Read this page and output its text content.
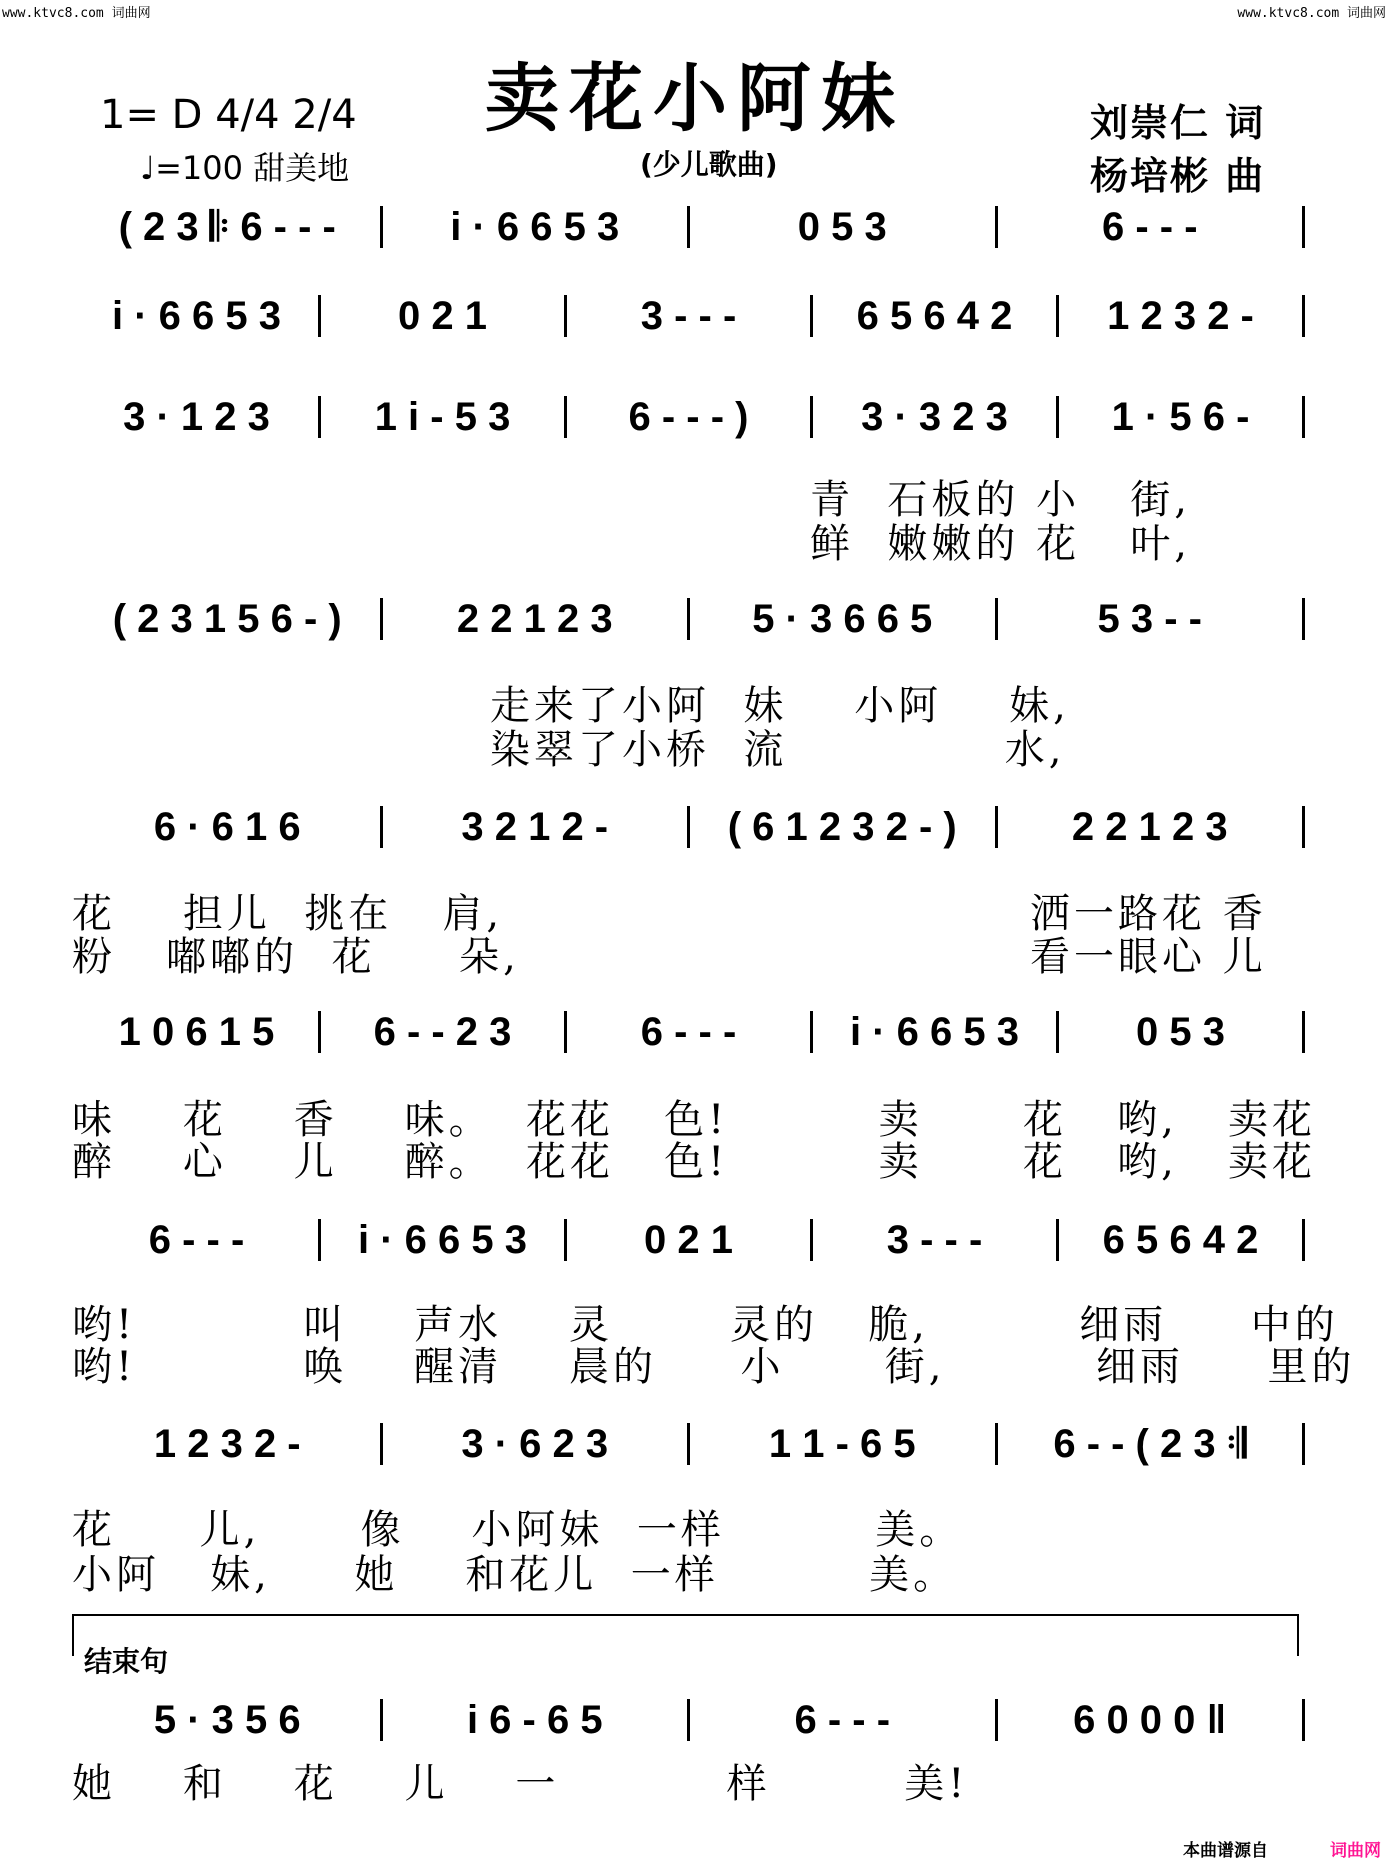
www.ktvc8.com 词曲网	www.ktvc8.com 词曲网
卖花小阿妹
1= D 4/4 2/4
♩=100 甜美地	(少儿歌曲)
刘崇仁 词
杨培彬 曲
( 2 3 𝄆 6 - - -	i · 6 6 5 3	0 5 3	6 - - -
i · 6 6 5 3	0 2 1	3 - - -	6 5 6 4 2	1 2 3 2 -
3 · 1 2 3	1 i - 5 3	6 - - - )	3 · 3 2 3	1 · 5 6 -
( 2 3 1 5 6 - )	2 2 1 2 3	5 · 3 6 6 5	5 3 - -
6 · 6 1 6	3 2 1 2 -	( 6 1 2 3 2 - )	2 2 1 2 3
1 0 6 1 5	6 - - 2 3	6 - - -	i · 6 6 5 3	0 5 3
6 - - -	i · 6 6 5 3	0 2 1	3 - - -	6 5 6 4 2
1 2 3 2 -	3 · 6 2 3	1 1 - 6 5	6 - - ( 2 3 𝄇
5 · 3 5 6	i 6 - 6 5	6 - - -	6 0 0 0 ‖
青  石板的 小   街,
鲜  嫩嫩的 花   叶,
走来了小阿  妹    小阿    妹,
染翠了小桥  流             水,
花    担儿  挑在   肩,
粉   嘟嘟的  花     朵,
洒一路花 香
看一眼心 儿
味    花    香    味。  花花   色!         卖      花   哟,   卖花
醉    心    儿    醉。  花花   色!         卖      花   哟,   卖花
哟!          叫    声水    灵       灵的   脆,         细雨     中的
哟!          唤    醒清    晨的     小      街,         细雨     里的
花     儿,      像    小阿妹  一样         美。
小阿   妹,     她    和花儿  一样         美。
她    和    花    儿    一          样        美!
结束句
本曲谱源自	词曲网
